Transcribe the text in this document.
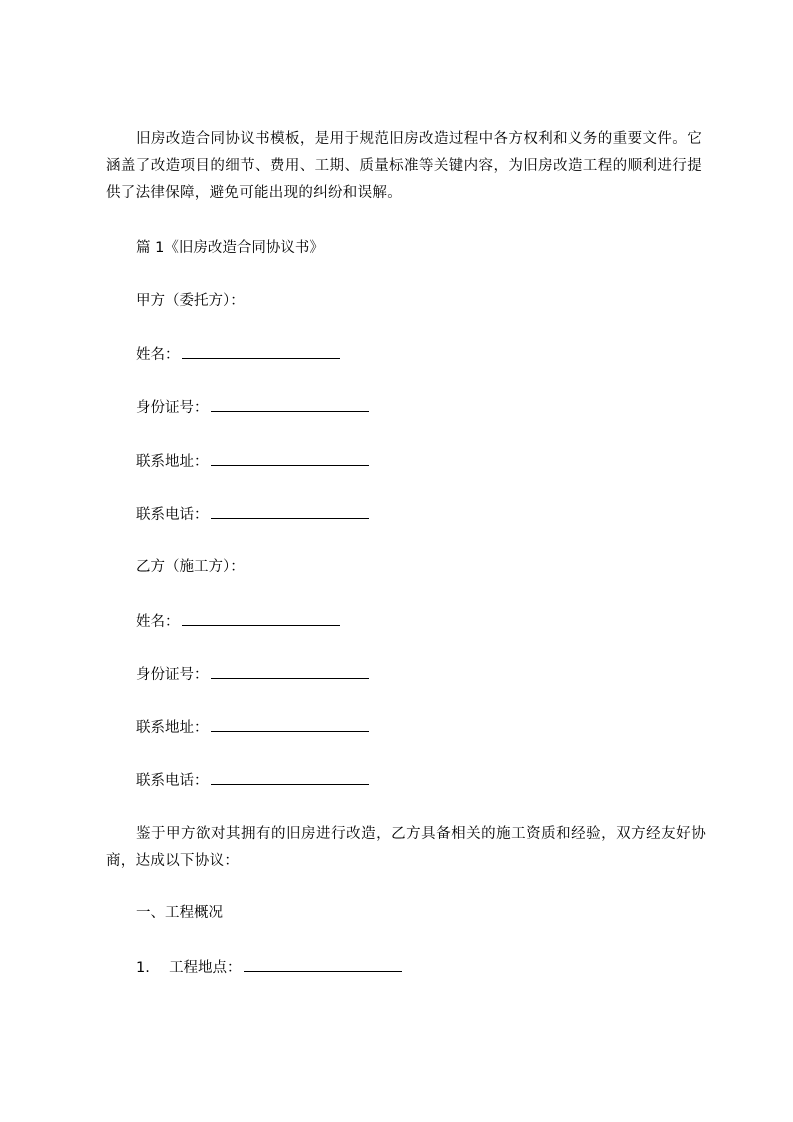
旧房改造合同协议书模板，是用于规范旧房改造过程中各方权利和义务的重要文件。它涵盖了改造项目的细节、费用、工期、质量标准等关键内容，为旧房改造工程的顺利进行提供了法律保障，避免可能出现的纠纷和误解。

篇 1《旧房改造合同协议书》

甲方（委托方）：

姓名：

身份证号：

联系地址：

联系电话：

乙方（施工方）：

姓名：

身份证号：

联系地址：

联系电话：

鉴于甲方欲对其拥有的旧房进行改造，乙方具备相关的施工资质和经验，双方经友好协商，达成以下协议：

一、工程概况

1. 工程地点：
